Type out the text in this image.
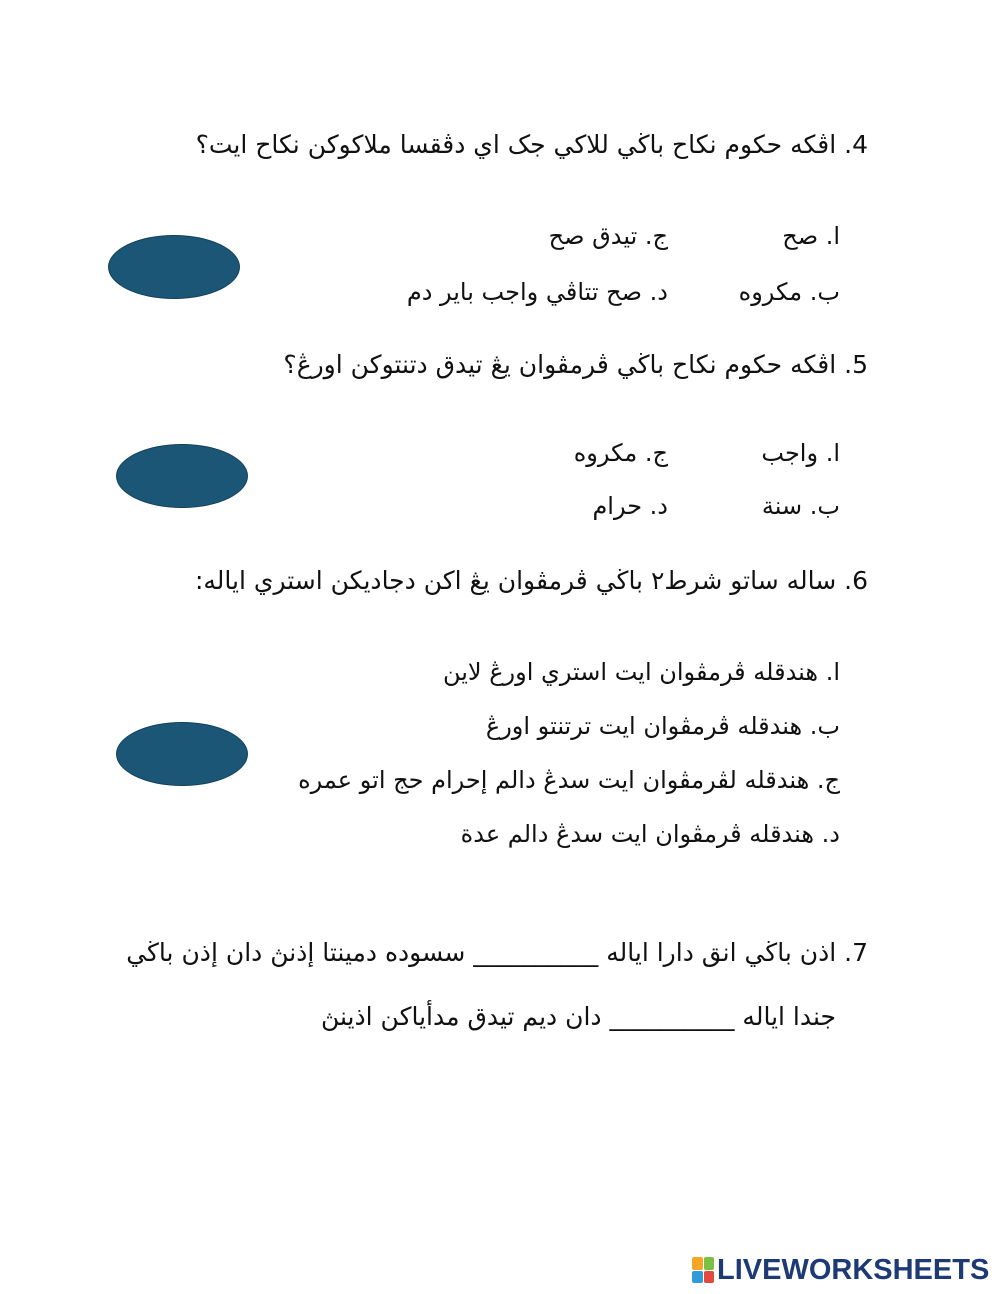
4. اڤكه حكوم نكاح باڬي للاكي جک اي دڤقسا ملاكوكن نكاح ايت؟
ا. صح
ج. تيدق صح
ب. مكروه
د. صح تتاڤي واجب باير دم
5. اڤكه حكوم نكاح باڬي ڤرمڤوان يڠ تيدق دتنتوكن اورڠ؟
ا. واجب
ج. مكروه
ب. سنة
د. حرام
6. ساله ساتو شرط٢ باڬي ڤرمڤوان يڠ اكن دجاديكن استري اياله:
ا. هندقله ڤرمڤوان ايت استري اورڠ لاين
ب. هندقله ڤرمڤوان ايت ترتنتو اورڠ
ج. هندقله لڤرمڤوان ايت سدڠ دالم إحرام حج اتو عمره
د. هندقله ڤرمڤوان ايت سدڠ دالم عدة
7. اذن باڬي انق دارا اياله __________ سسوده دمينتا إذنڽ دان إذن باڬي
جندا اياله __________ دان ديم تيدق مدأياكن اذينڽ
LIVEWORKSHEETS
